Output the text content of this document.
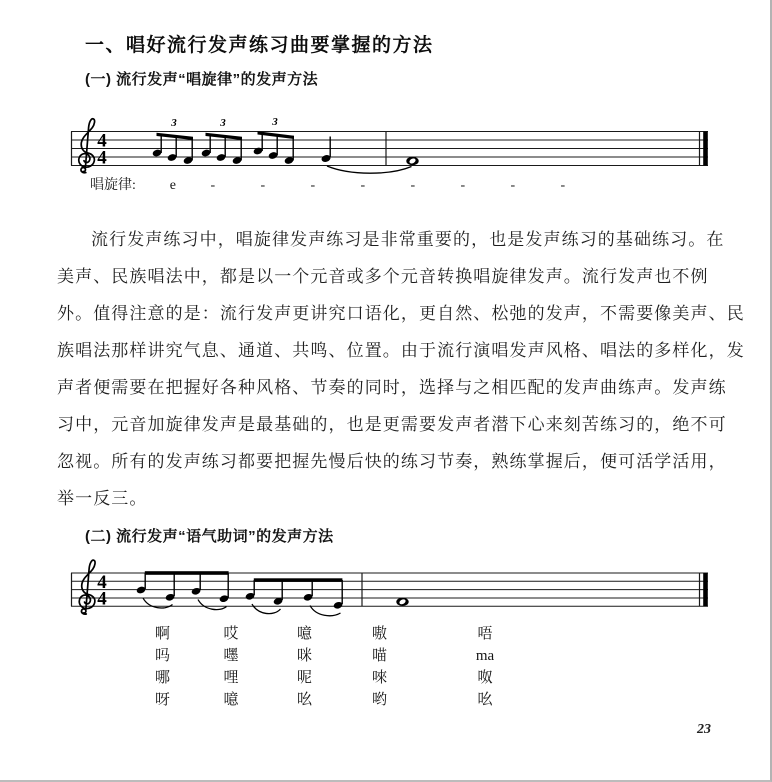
一、唱好流行发声练习曲要掌握的方法
(一) 流行发声“唱旋律”的发声方法
4
4
3	3	3
唱旋律:	e	-	-	-	-	-	-	-	-
流行发声练习中，唱旋律发声练习是非常重要的，也是发声练习的基础练习。在
美声、民族唱法中，都是以一个元音或多个元音转换唱旋律发声。流行发声也不例
外。值得注意的是：流行发声更讲究口语化，更自然、松弛的发声，不需要像美声、民
族唱法那样讲究气息、通道、共鸣、位置。由于流行演唱发声风格、唱法的多样化，发
声者便需要在把握好各种风格、节奏的同时，选择与之相匹配的发声曲练声。发声练
习中，元音加旋律发声是最基础的，也是更需要发声者潜下心来刻苦练习的，绝不可
忽视。所有的发声练习都要把握先慢后快的练习节奏，熟练掌握后，便可活学活用，
举一反三。
(二) 流行发声“语气助词”的发声方法
4
4
啊	哎	噫	嗷	唔
吗	嚜	咪	喵	ma
哪	哩	呢	唻	呶
呀	噫	吆	哟	吆
23
